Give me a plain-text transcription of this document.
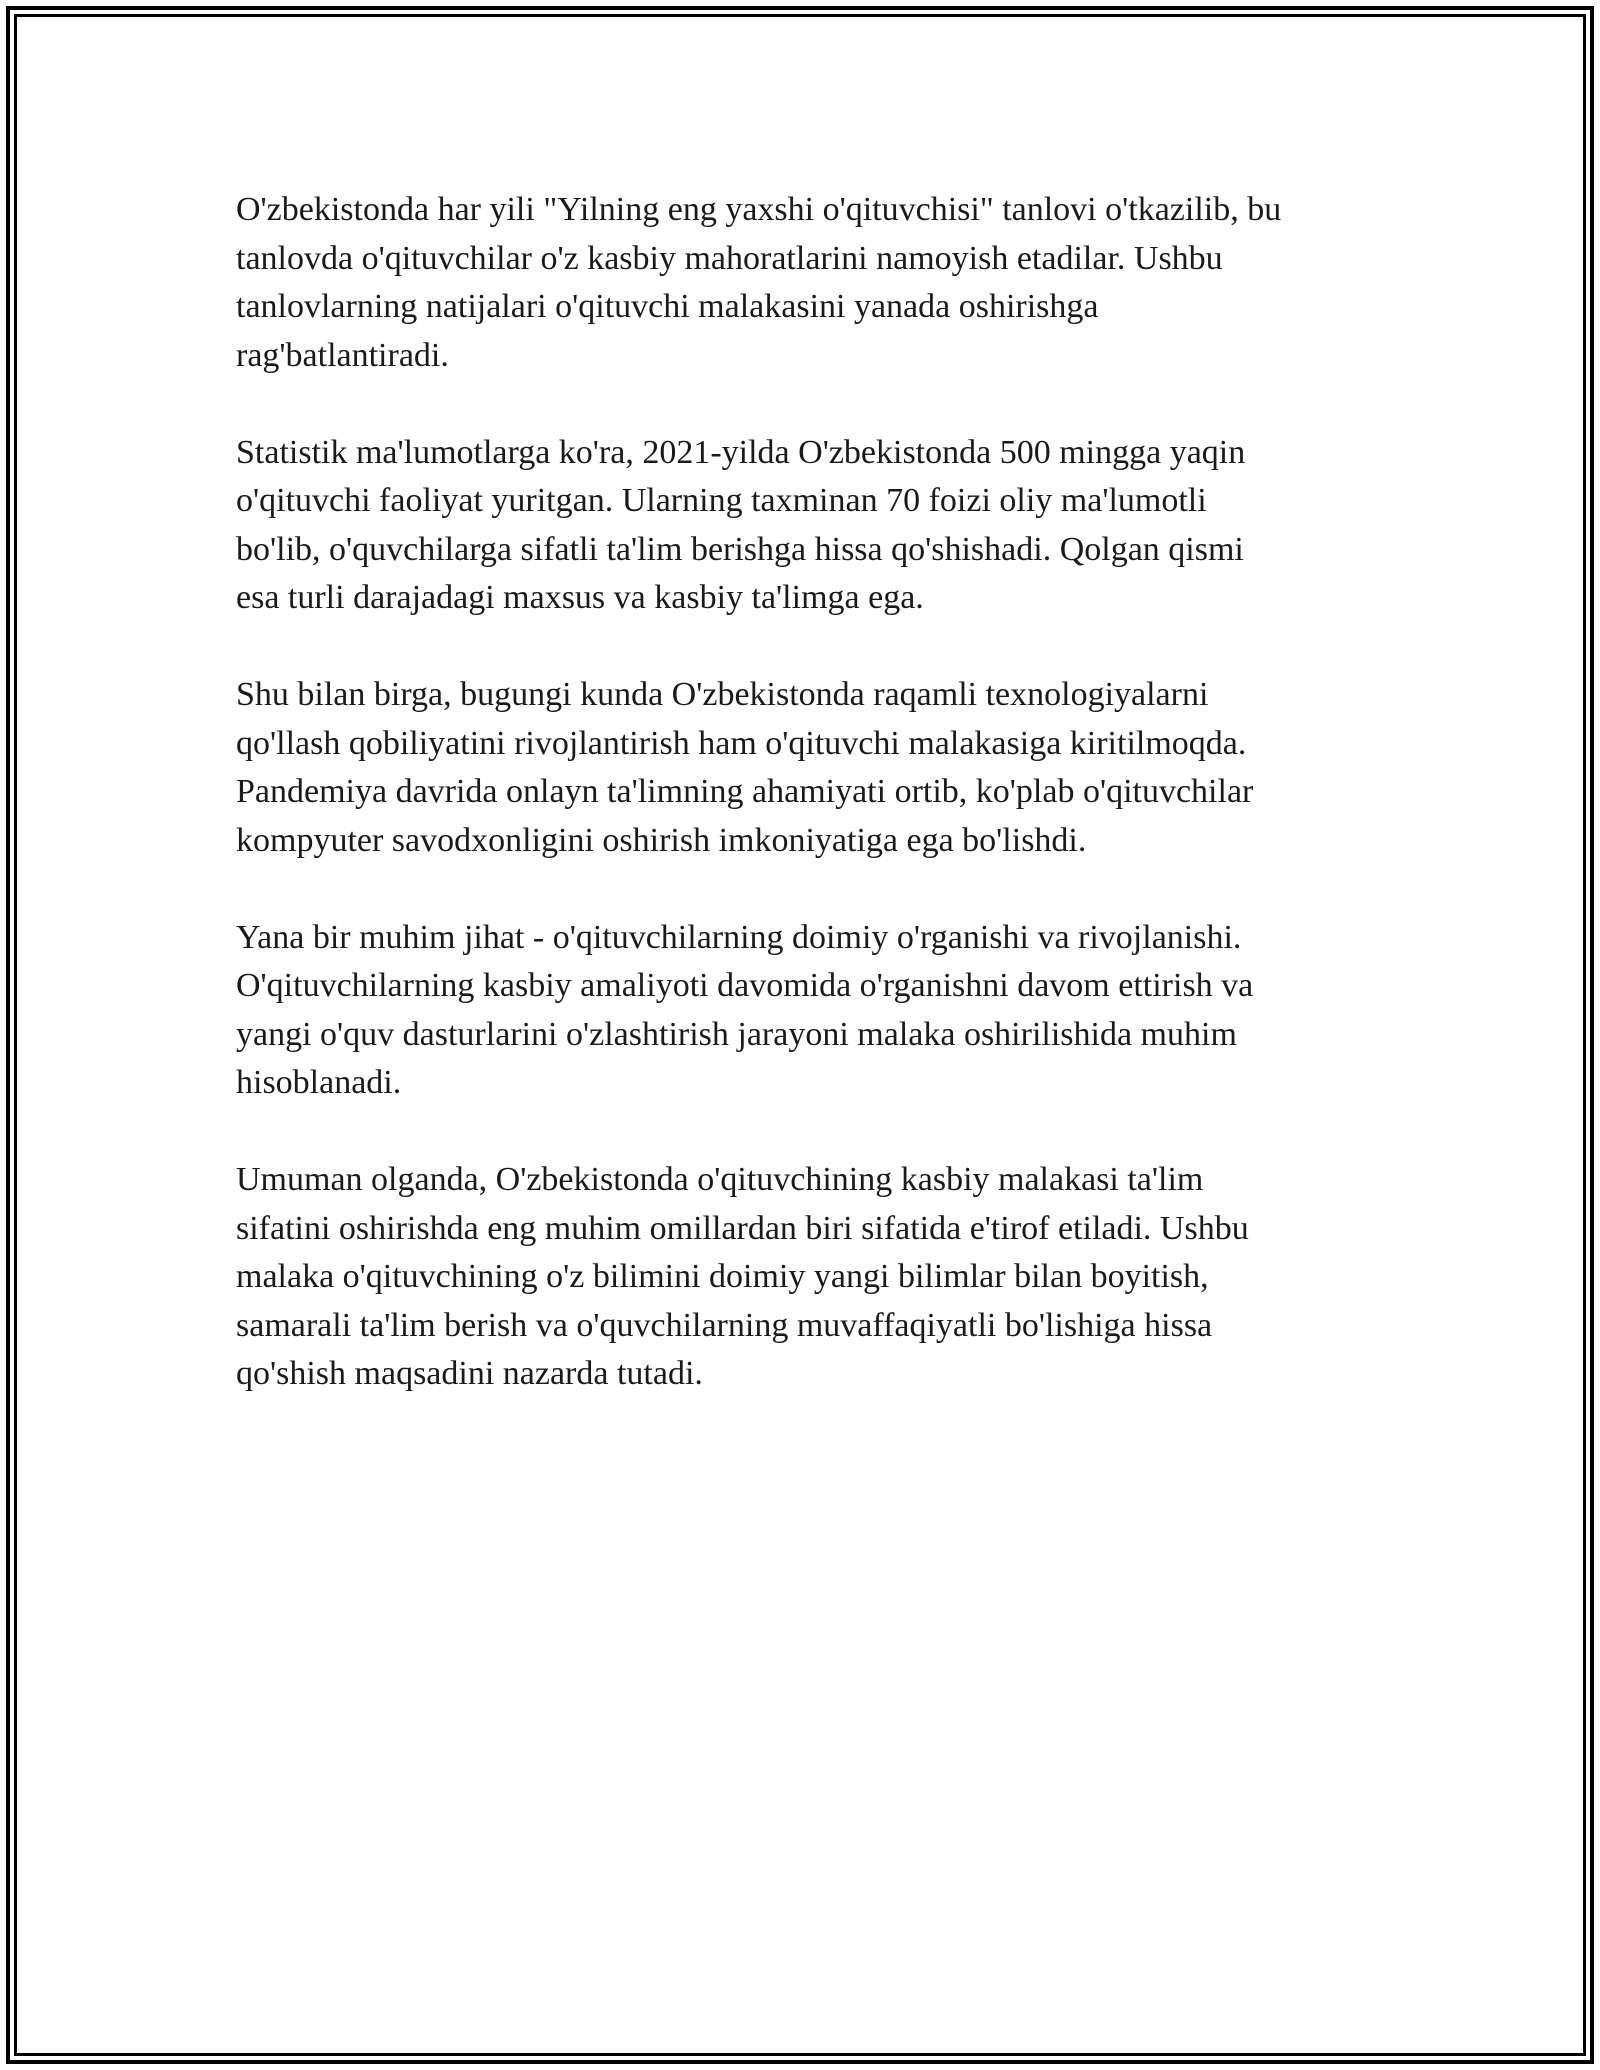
O'zbekistonda har yili "Yilning eng yaxshi o'qituvchisi" tanlovi o'tkazilib, bu
tanlovda o'qituvchilar o'z kasbiy mahoratlarini namoyish etadilar. Ushbu
tanlovlarning natijalari o'qituvchi malakasini yanada oshirishga
rag'batlantiradi.

Statistik ma'lumotlarga ko'ra, 2021-yilda O'zbekistonda 500 mingga yaqin
o'qituvchi faoliyat yuritgan. Ularning taxminan 70 foizi oliy ma'lumotli
bo'lib, o'quvchilarga sifatli ta'lim berishga hissa qo'shishadi. Qolgan qismi
esa turli darajadagi maxsus va kasbiy ta'limga ega.

Shu bilan birga, bugungi kunda O'zbekistonda raqamli texnologiyalarni
qo'llash qobiliyatini rivojlantirish ham o'qituvchi malakasiga kiritilmoqda.
Pandemiya davrida onlayn ta'limning ahamiyati ortib, ko'plab o'qituvchilar
kompyuter savodxonligini oshirish imkoniyatiga ega bo'lishdi.

Yana bir muhim jihat - o'qituvchilarning doimiy o'rganishi va rivojlanishi.
O'qituvchilarning kasbiy amaliyoti davomida o'rganishni davom ettirish va
yangi o'quv dasturlarini o'zlashtirish jarayoni malaka oshirilishida muhim
hisoblanadi.

Umuman olganda, O'zbekistonda o'qituvchining kasbiy malakasi ta'lim
sifatini oshirishda eng muhim omillardan biri sifatida e'tirof etiladi. Ushbu
malaka o'qituvchining o'z bilimini doimiy yangi bilimlar bilan boyitish,
samarali ta'lim berish va o'quvchilarning muvaffaqiyatli bo'lishiga hissa
qo'shish maqsadini nazarda tutadi.
